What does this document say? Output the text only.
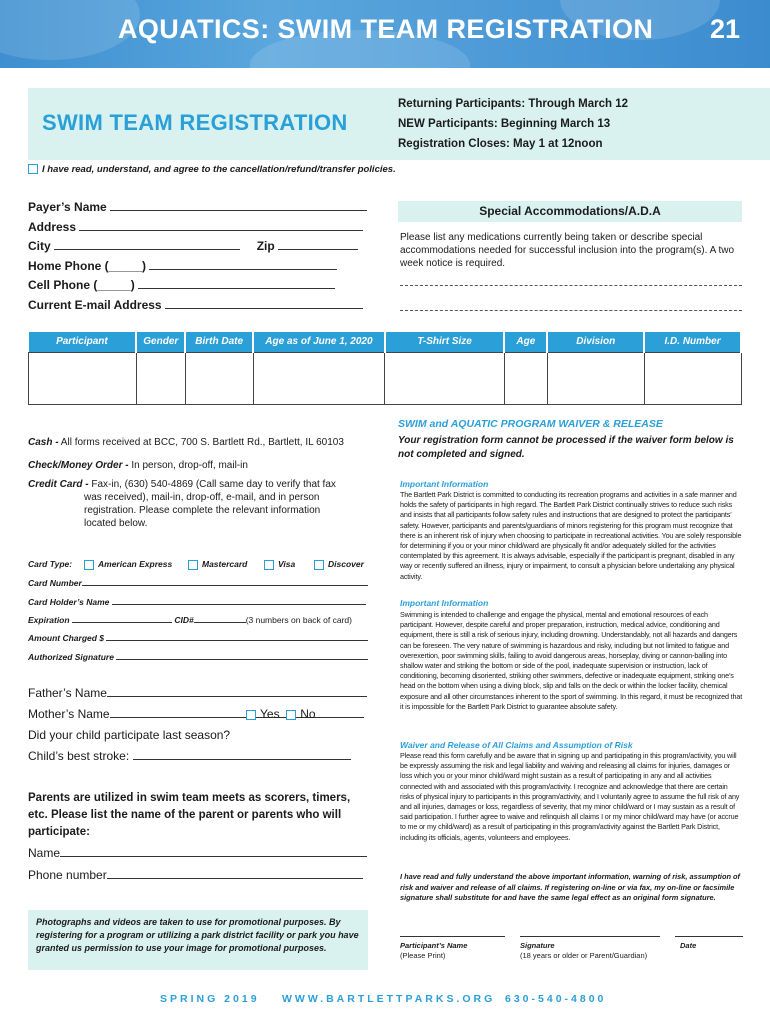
AQUATICS: SWIM TEAM REGISTRATION 21
SWIM TEAM REGISTRATION
Returning Participants: Through March 12
NEW Participants: Beginning March 13
Registration Closes: May 1 at 12noon
I have read, understand, and agree to the cancellation/refund/transfer policies.
Payer’s Name
Address
City	Zip
Home Phone (_____)
Cell Phone (_____)
Current E-mail Address
Special Accommodations/A.D.A
Please list any medications currently being taken or describe special accommodations needed for successful inclusion into the program(s). A two week notice is required.
Participant	Gender	Birth Date	Age as of June 1, 2020	T-Shirt Size	Age	Division	I.D. Number

Cash - All forms received at BCC, 700 S. Bartlett Rd., Bartlett, IL 60103
Check/Money Order - In person, drop-off, mail-in
Credit Card - Fax-in, (630) 540-4869 (Call same day to verify that fax
was received), mail-in, drop-off, e-mail, and in person
registration. Please complete the relevant information
located below.
Card Type:	American Express	Mastercard	Visa	Discover
Card Number
Card Holder’s Name
Expiration	CID#	(3 numbers on back of card)
Amount Charged $
Authorized Signature
Father’s Name
Mother’s Name
Did your child participate last season?
Yes No
Child’s best stroke:
Parents are utilized in swim team meets as scorers, timers, etc. Please list the name of the parent or parents who will participate:
Name
Phone number
Photographs and videos are taken to use for promotional purposes. By registering for a program or utilizing a park district facility or park you have granted us permission to use your image for promotional purposes.
SPRING 2019 WWW.BARTLETTPARKS.ORG 630-540-4800
SWIM and AQUATIC PROGRAM WAIVER & RELEASE
Your registration form cannot be processed if the waiver form below is not completed and signed.
Important Information
The Bartlett Park District is committed to conducting its recreation programs and activities in a safe manner and holds the safety of participants in high regard. The Bartlett Park District continually strives to reduce such risks and insists that all participants follow safety rules and instructions that are designed to protect the participants’ safety. However, participants and parents/guardians of minors registering for this program must recognize that there is an inherent risk of injury when choosing to participate in recreational activities. You are solely responsible for determining if you or your minor child/ward are physically fit and/or adequately skilled for the activities contemplated by this agreement. It is always advisable, especially if the participant is pregnant, disabled in any way or recently suffered an illness, injury or impairment, to consult a physician before undertaking any physical activity.
Important Information
Swimming is intended to challenge and engage the physical, mental and emotional resources of each participant. However, despite careful and proper preparation, instruction, medical advice, conditioning and equipment, there is still a risk of serious injury, including drowning. Understandably, not all hazards and dangers can be foreseen. The very nature of swimming is hazardous and risky, including but not limited to fatigue and overexertion, poor swimming skills, failing to avoid dangerous areas, horseplay, diving or cannon-balling into shallow water and striking the bottom or side of the pool, inadequate supervision or instruction, lack of conditioning, becoming disoriented, striking other swimmers, defective or inadequate equipment, striking one’s head on the bottom when using a diving block, slip and falls on the deck or within the locker facility, chemical exposure and all other circumstances inherent to the sport of swimming. In this regard, it must be recognized that it is impossible for the Bartlett Park District to guarantee absolute safety.
Waiver and Release of All Claims and Assumption of Risk
Please read this form carefully and be aware that in signing up and participating in this program/activity, you will be expressly assuming the risk and legal liability and waiving and releasing all claims for injuries, damages or loss which you or your minor child/ward might sustain as a result of participating in any and all activities connected with and associated with this program/activity. I recognize and acknowledge that there are certain risks of physical injury to participants in this program/activity, and I voluntarily agree to assume the full risk of any and all injuries, damages or loss, regardless of severity, that my minor child/ward or I may sustain as a result of said participation. I further agree to waive and relinquish all claims I or my minor child/ward may have (or accrue to me or my child/ward) as a result of participating in this program/activity against the Bartlett Park District, including its officials, agents, volunteers and employees.
I have read and fully understand the above important information, warning of risk, assumption of risk and waiver and release of all claims. If registering on-line or via fax, my on-line or facsimile signature shall substitute for and have the same legal effect as an original form signature.
Participant’s Name
(Please Print)
Signature
(18 years or older or Parent/Guardian)
Date
